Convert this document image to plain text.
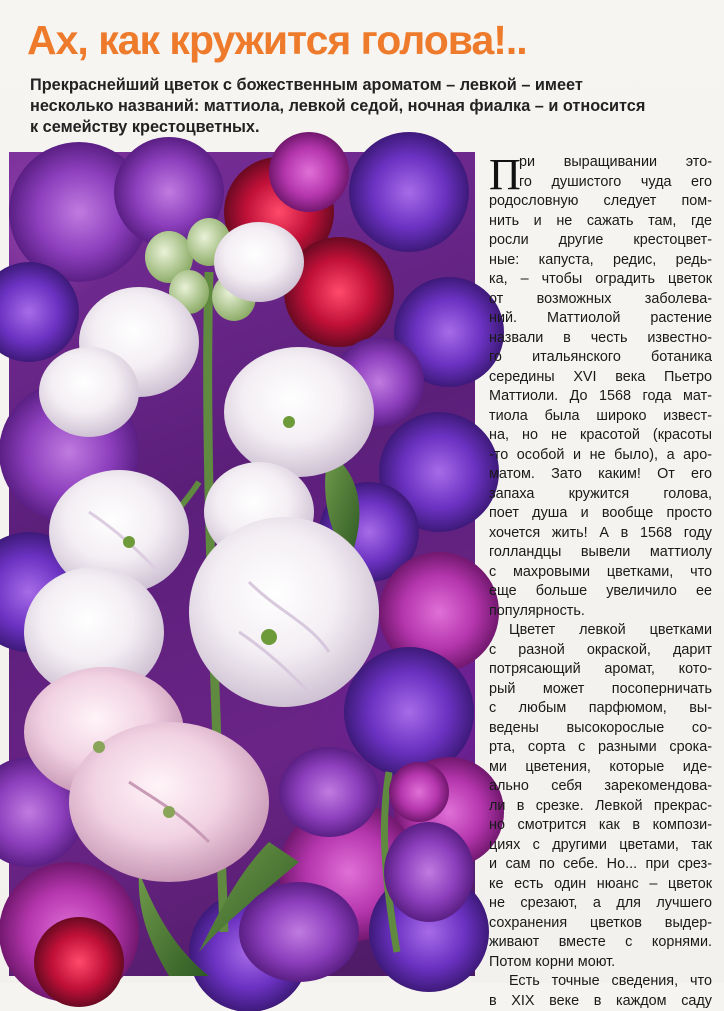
Ах, как кружится голова!..

Прекраснейший цветок с божественным ароматом – левкой – имеет
несколько названий: маттиола, левкой седой, ночная фиалка – и относится
к семейству крестоцветных.

П
ри выращивании это-
го душистого чуда его
родословную следует пом-
нить и не сажать там, где
росли другие крестоцвет-
ные: капуста, редис, редь-
ка, – чтобы оградить цветок
от возможных заболева-
ний. Маттиолой растение
назвали в честь известно-
го итальянского ботаника
середины XVI века Пьетро
Маттиоли. До 1568 года мат-
тиола была широко извест-
на, но не красотой (красоты
-то особой и не было), а аро-
матом. Зато каким! От его
запаха кружится голова,
поет душа и вообще просто
хочется жить! А в 1568 году
голландцы вывели маттиолу
с махровыми цветками, что
еще больше увеличило ее
популярность.
Цветет левкой цветками
с разной окраской, дарит
потрясающий аромат, кото-
рый может посоперничать
с любым парфюмом, вы-
ведены высокорослые со-
рта, сорта с разными срока-
ми цветения, которые иде-
ально себя зарекомендова-
ли в срезке. Левкой прекрас-
но смотрится как в компози-
циях с другими цветами, так
и сам по себе. Но... при срез-
ке есть один нюанс – цветок
не срезают, а для лучшего
сохранения цветков выдер-
живают вместе с корнями.
Потом корни моют.
Есть точные сведения, что
в XIX веке в каждом саду
